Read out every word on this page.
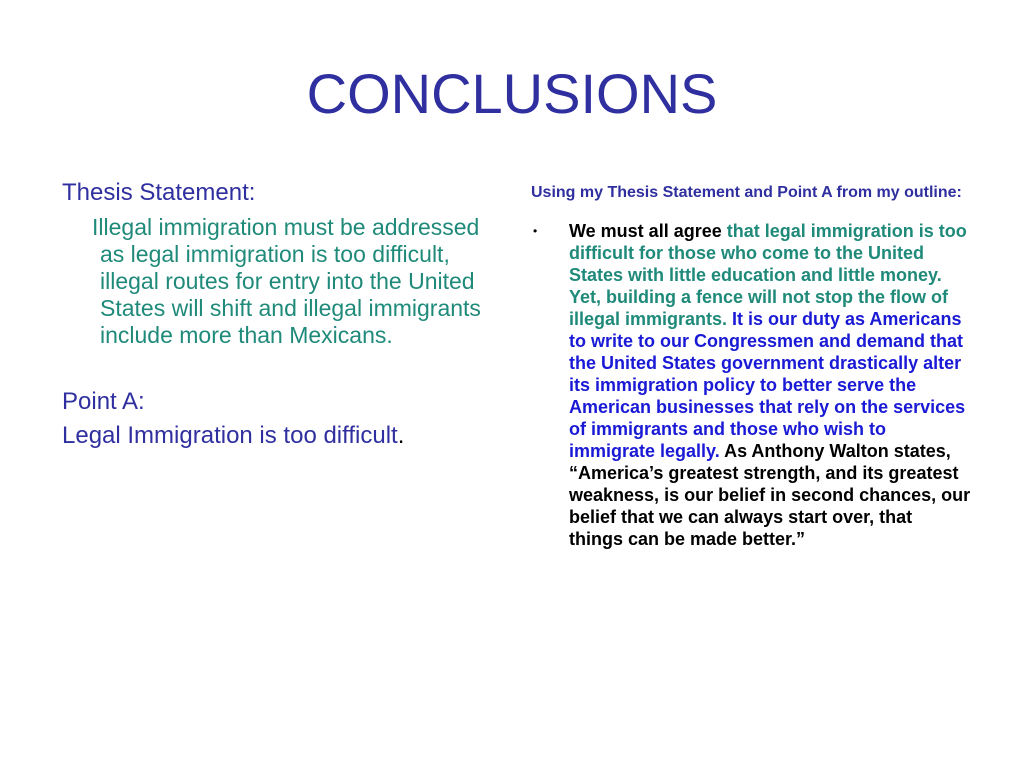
CONCLUSIONS

Thesis Statement:

Illegal immigration must be addressed as legal immigration is too difficult, illegal routes for entry into the United States will shift and illegal immigrants include more than Mexicans.

Point A:

Legal Immigration is too difficult.

Using my Thesis Statement and Point A from my outline:

• We must all agree that legal immigration is too difficult for those who come to the United States with little education and little money. Yet, building a fence will not stop the flow of illegal immigrants. It is our duty as Americans to write to our Congressmen and demand that the United States government drastically alter its immigration policy to better serve the American businesses that rely on the services of immigrants and those who wish to immigrate legally. As Anthony Walton states, “America’s greatest strength, and its greatest weakness, is our belief in second chances, our belief that we can always start over, that things can be made better.”
